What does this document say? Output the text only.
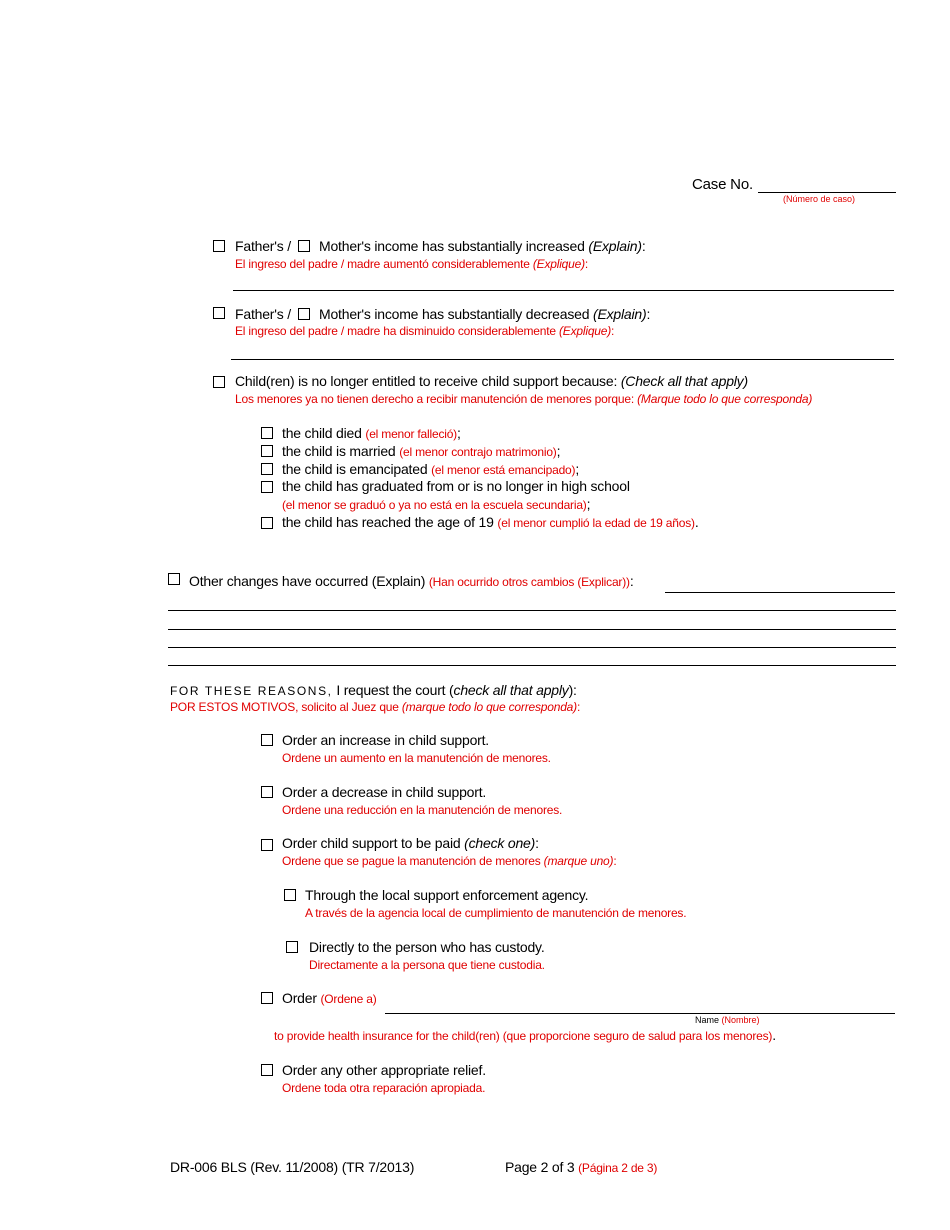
Case No.
(Número de caso)
Father's / Mother's income has substantially increased (Explain):
El ingreso del padre / madre aumentó considerablemente (Explique):
Father's / Mother's income has substantially decreased (Explain):
El ingreso del padre / madre ha disminuido considerablemente (Explique):
Child(ren) is no longer entitled to receive child support because: (Check all that apply)
Los menores ya no tienen derecho a recibir manutención de menores porque: (Marque todo lo que corresponda)
the child died (el menor falleció);
the child is married (el menor contrajo matrimonio);
the child is emancipated (el menor está emancipado);
the child has graduated from or is no longer in high school
(el menor se graduó o ya no está en la escuela secundaria);
the child has reached the age of 19 (el menor cumplió la edad de 19 años).
Other changes have occurred (Explain) (Han ocurrido otros cambios (Explicar)):
FOR THESE REASONS, I request the court (check all that apply):
POR ESTOS MOTIVOS, solicito al Juez que (marque todo lo que corresponda):
Order an increase in child support.
Ordene un aumento en la manutención de menores.
Order a decrease in child support.
Ordene una reducción en la manutención de menores.
Order child support to be paid (check one):
Ordene que se pague la manutención de menores (marque uno):
Through the local support enforcement agency.
A través de la agencia local de cumplimiento de manutención de menores.
Directly to the person who has custody.
Directamente a la persona que tiene custodia.
Order (Ordene a)
Name (Nombre)
to provide health insurance for the child(ren) (que proporcione seguro de salud para los menores).
Order any other appropriate relief.
Ordene toda otra reparación apropiada.
DR-006 BLS (Rev. 11/2008) (TR 7/2013)	Page 2 of 3 (Página 2 de 3)
